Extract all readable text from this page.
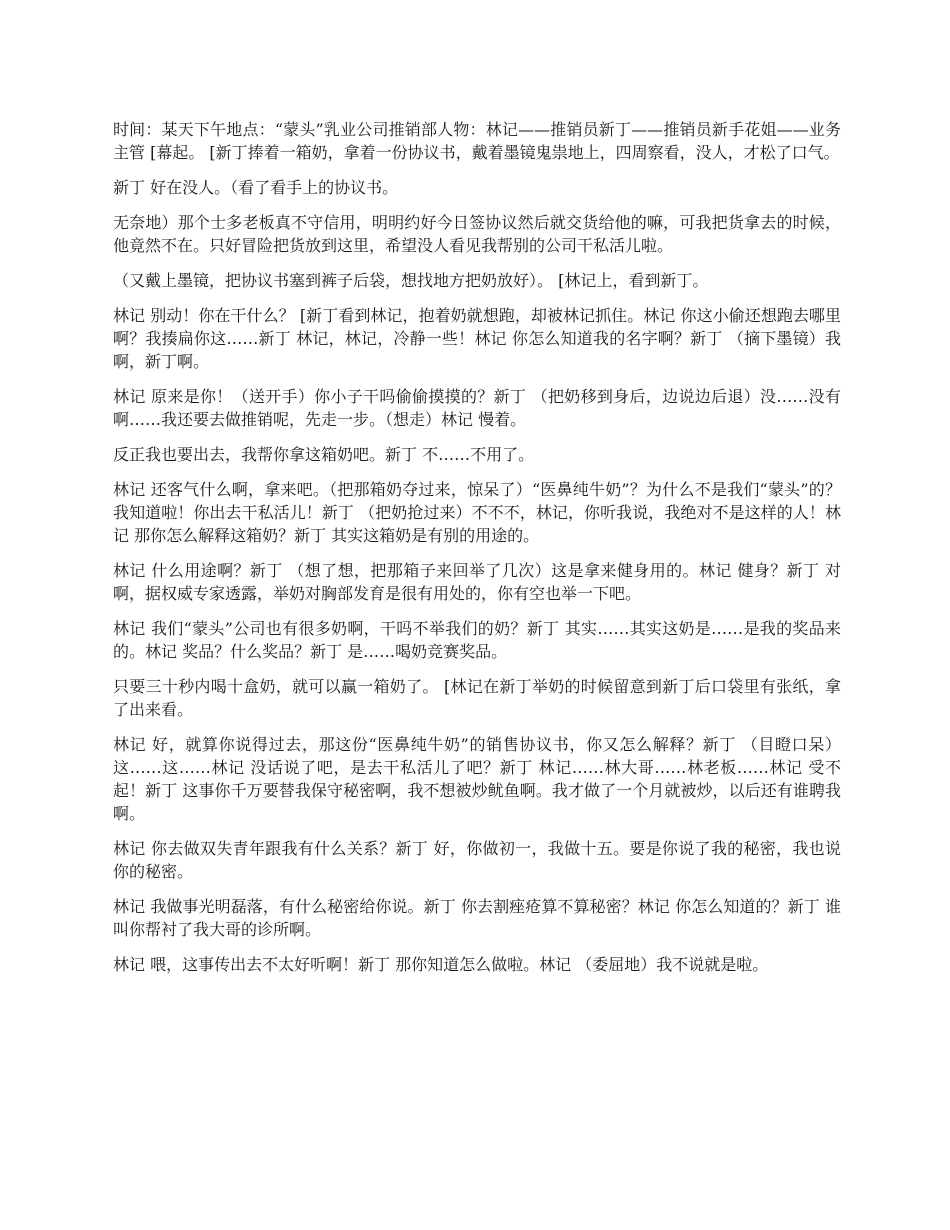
时间：某天下午地点：“蒙头”乳业公司推销部人物：林记——推销员新丁——推销员新手花姐——业务主管 [幕起。 [新丁捧着一箱奶，拿着一份协议书，戴着墨镜鬼祟地上，四周察看，没人，才松了口气。

新丁 好在没人。（看了看手上的协议书。

无奈地）那个士多老板真不守信用，明明约好今日签协议然后就交货给他的嘛，可我把货拿去的时候，他竟然不在。只好冒险把货放到这里，希望没人看见我帮别的公司干私活儿啦。

（又戴上墨镜，把协议书塞到裤子后袋，想找地方把奶放好）。 [林记上，看到新丁。

林记 别动！你在干什么？ [新丁看到林记，抱着奶就想跑，却被林记抓住。林记 你这小偷还想跑去哪里啊？我揍扁你这……新丁 林记，林记，冷静一些！林记 你怎么知道我的名字啊？新丁 （摘下墨镜）我啊，新丁啊。

林记 原来是你！（送开手）你小子干吗偷偷摸摸的？新丁 （把奶移到身后，边说边后退）没……没有啊……我还要去做推销呢，先走一步。（想走）林记 慢着。

反正我也要出去，我帮你拿这箱奶吧。新丁 不……不用了。

林记 还客气什么啊，拿来吧。（把那箱奶夺过来，惊呆了）“医鼻纯牛奶”？为什么不是我们“蒙头”的？我知道啦！你出去干私活儿！新丁 （把奶抢过来）不不不，林记，你听我说，我绝对不是这样的人！林记 那你怎么解释这箱奶？新丁 其实这箱奶是有别的用途的。

林记 什么用途啊？新丁 （想了想，把那箱子来回举了几次）这是拿来健身用的。林记 健身？新丁 对啊，据权威专家透露，举奶对胸部发育是很有用处的，你有空也举一下吧。

林记 我们“蒙头”公司也有很多奶啊，干吗不举我们的奶？新丁 其实……其实这奶是……是我的奖品来的。林记 奖品？什么奖品？新丁 是……喝奶竞赛奖品。

只要三十秒内喝十盒奶，就可以赢一箱奶了。 [林记在新丁举奶的时候留意到新丁后口袋里有张纸，拿了出来看。

林记 好，就算你说得过去，那这份“医鼻纯牛奶”的销售协议书，你又怎么解释？新丁 （目瞪口呆）这……这……林记 没话说了吧，是去干私活儿了吧？新丁 林记……林大哥……林老板……林记 受不起！新丁 这事你千万要替我保守秘密啊，我不想被炒鱿鱼啊。我才做了一个月就被炒，以后还有谁聘我啊。

林记 你去做双失青年跟我有什么关系？新丁 好，你做初一，我做十五。要是你说了我的秘密，我也说你的秘密。

林记 我做事光明磊落，有什么秘密给你说。新丁 你去割痤疮算不算秘密？林记 你怎么知道的？新丁 谁叫你帮衬了我大哥的诊所啊。

林记 喂，这事传出去不太好听啊！新丁 那你知道怎么做啦。林记 （委屈地）我不说就是啦。
